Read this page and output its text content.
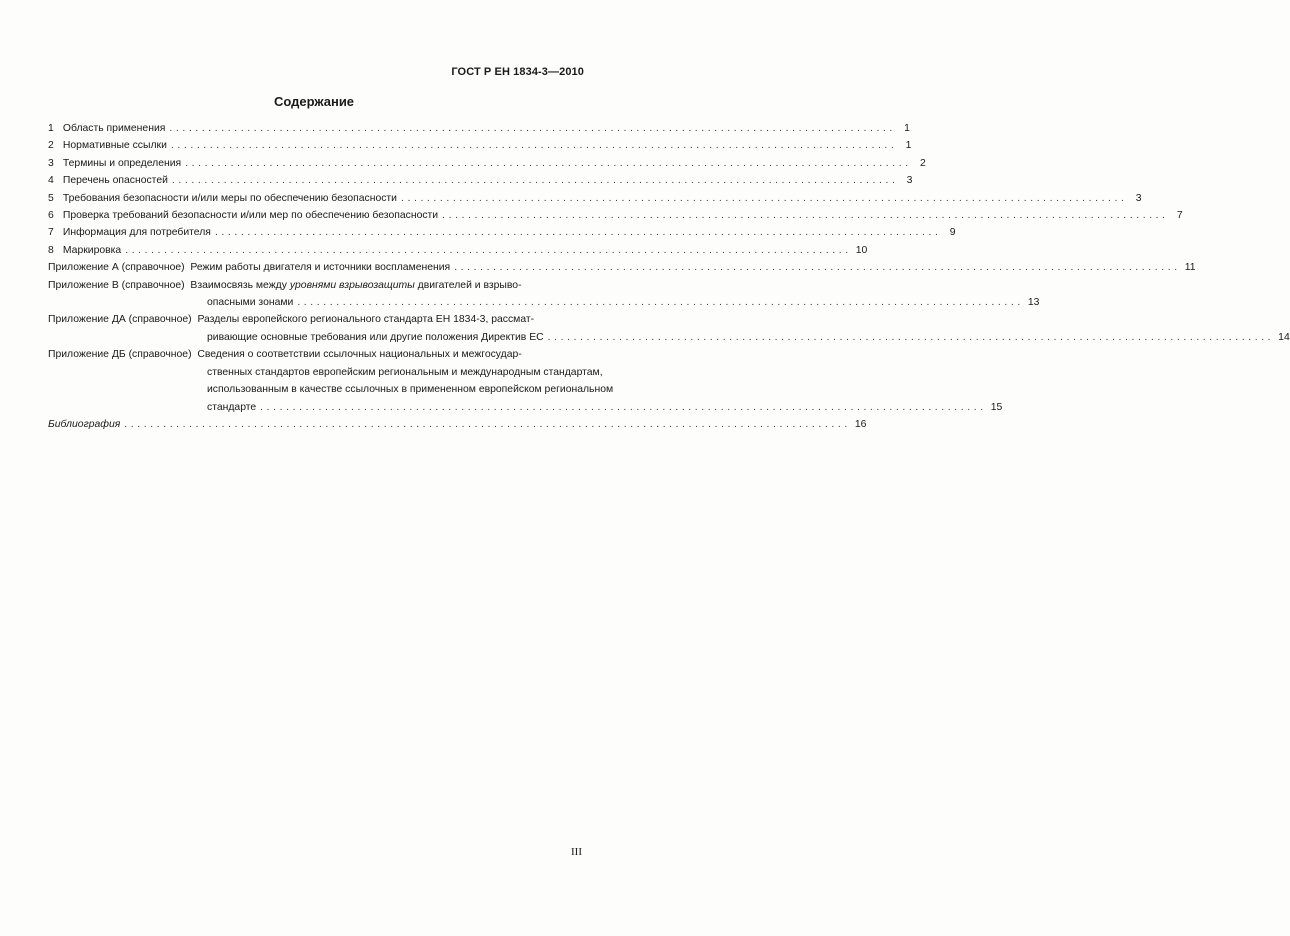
ГОСТ Р ЕН 1834-3—2010
Содержание
1 Область применения ................................................................................................................ 1
2 Нормативные ссылки ................................................................................................................ 1
3 Термины и определения ................................................................................................................ 2
4 Перечень опасностей ................................................................................................................ 3
5 Требования безопасности и/или меры по обеспечению безопасности ................................................................................................................ 3
6 Проверка требований безопасности и/или мер по обеспечению безопасности ................................................................................................................ 7
7 Информация для потребителя ................................................................................................................ 9
8 Маркировка ................................................................................................................ 10
Приложение А (справочное) Режим работы двигателя и источники воспламенения ................................................................................................................ 11
Приложение В (справочное) Взаимосвязь между уровнями взрывозащиты двигателей и взрыво-
опасными зонами ................................................................................................................ 13
Приложение ДА (справочное) Разделы европейского регионального стандарта ЕН 1834-3, рассмат-
ривающие основные требования или другие положения Директив ЕС ................................................................................................................ 14
Приложение ДБ (справочное) Сведения о соответствии ссылочных национальных и межгосудар-
ственных стандартов европейским региональным и международным стандартам,
использованным в качестве ссылочных в примененном европейском региональном
стандарте ................................................................................................................ 15
Библиография ................................................................................................................ 16
III
